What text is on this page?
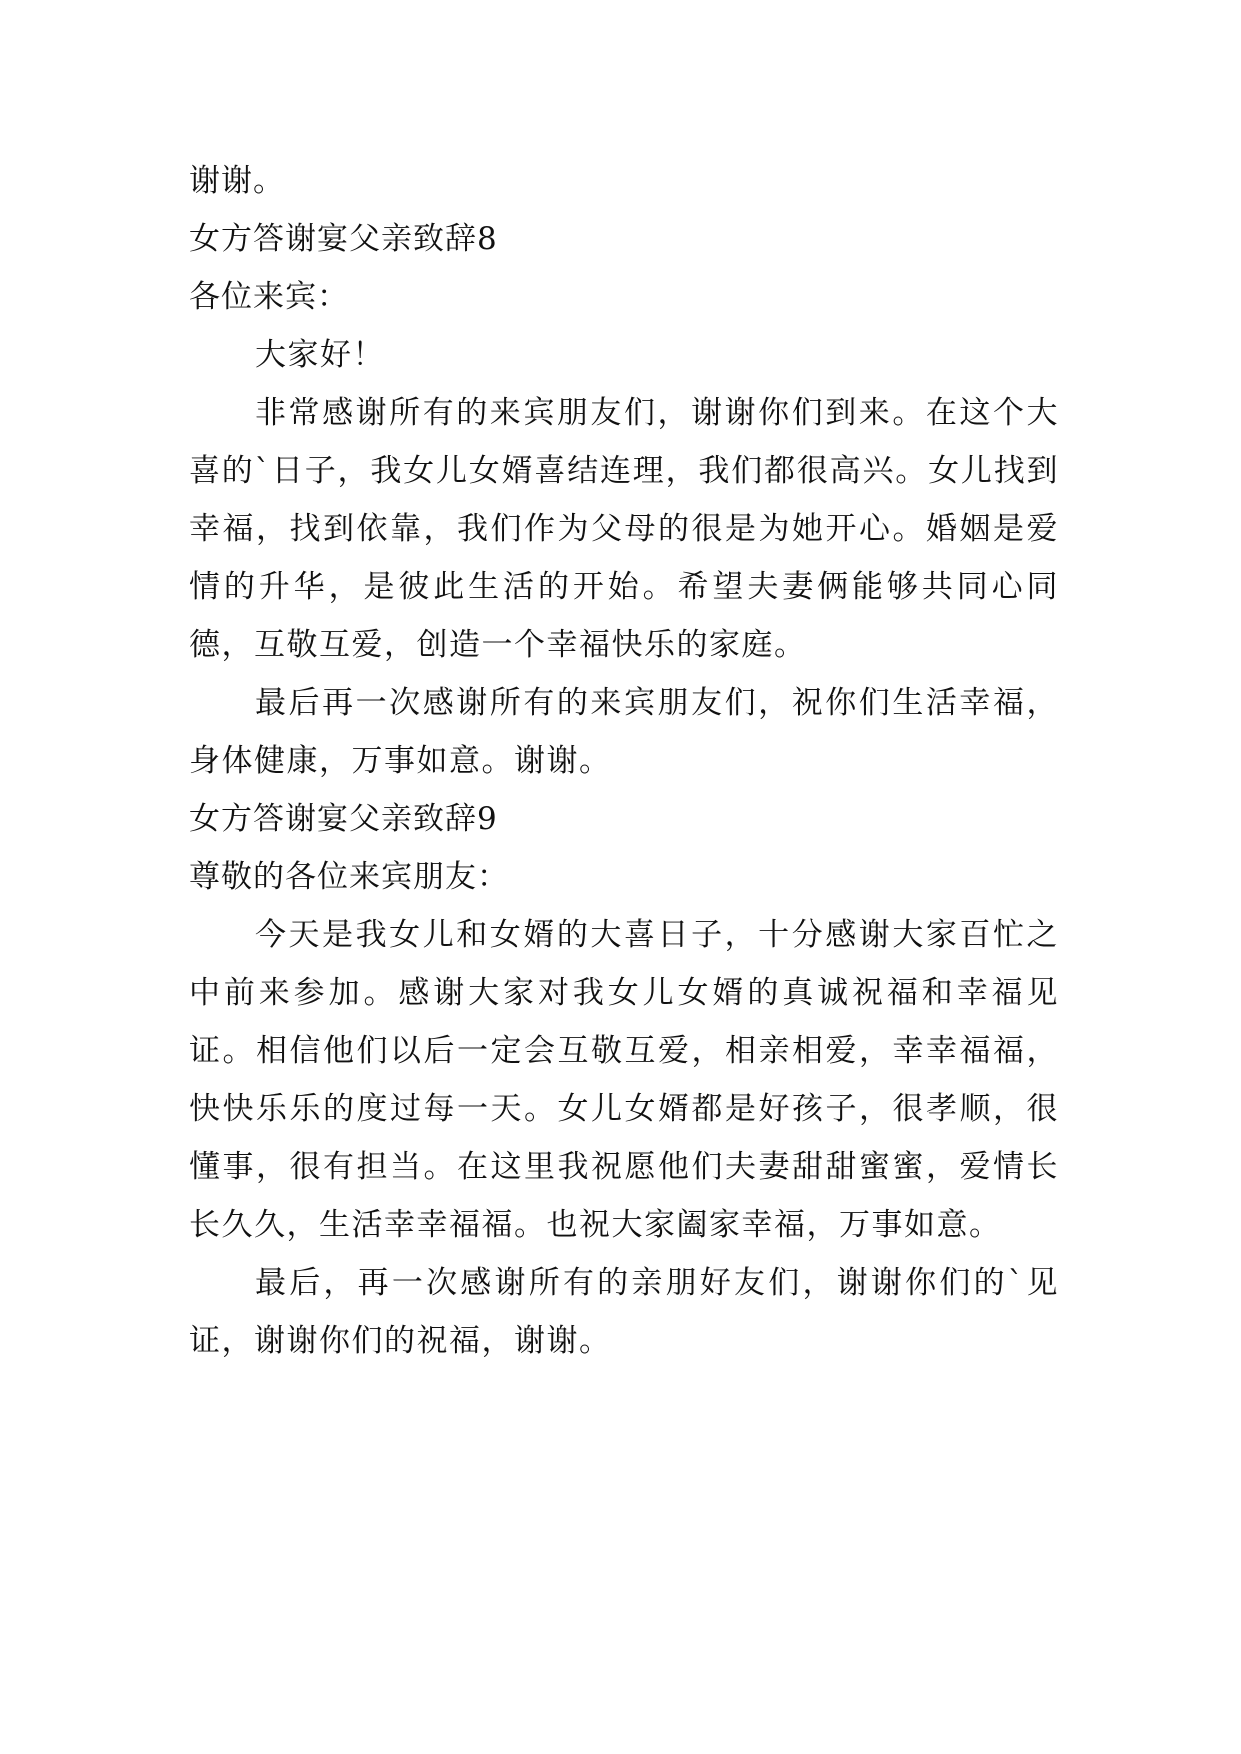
谢谢。
女方答谢宴父亲致辞8
各位来宾：

大家好！

非常感谢所有的来宾朋友们，谢谢你们到来。在这个大喜的`日子，我女儿女婿喜结连理，我们都很高兴。女儿找到幸福，找到依靠，我们作为父母的很是为她开心。婚姻是爱情的升华，是彼此生活的开始。希望夫妻俩能够共同心同德，互敬互爱，创造一个幸福快乐的家庭。

最后再一次感谢所有的来宾朋友们，祝你们生活幸福，身体健康，万事如意。谢谢。

女方答谢宴父亲致辞9
尊敬的各位来宾朋友：

今天是我女儿和女婿的大喜日子，十分感谢大家百忙之中前来参加。感谢大家对我女儿女婿的真诚祝福和幸福见证。相信他们以后一定会互敬互爱，相亲相爱，幸幸福福，快快乐乐的度过每一天。女儿女婿都是好孩子，很孝顺，很懂事，很有担当。在这里我祝愿他们夫妻甜甜蜜蜜，爱情长长久久，生活幸幸福福。也祝大家阖家幸福，万事如意。

最后，再一次感谢所有的亲朋好友们，谢谢你们的`见证，谢谢你们的祝福，谢谢。
